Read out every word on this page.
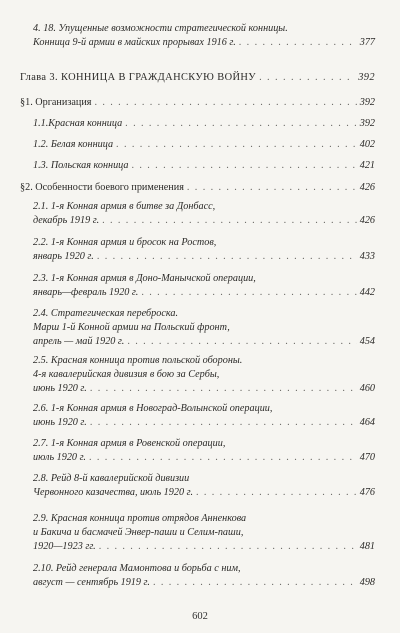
4. 18. Упущенные возможности стратегической конницы.
Конница 9-й армии в майских прорывах 1916 г. . . .	377
Глава 3. КОННИЦА В ГРАЖДАНСКУЮ ВОЙНУ . . .	392
§1. Организация . . .	392
1.1.Красная конница . . .	392
1.2. Белая конница . . .	402
1.3. Польская конница . . .	421
§2. Особенности боевого применения . . .	426
2.1. 1-я Конная армия в битве за Донбасс,
декабрь 1919 г. . . .	426
2.2. 1-я Конная армия и бросок на Ростов,
январь 1920 г. . . .	433
2.3. 1-я Конная армия в Доно-Манычской операции,
январь—февраль 1920 г. . . .	442
2.4. Стратегическая переброска.
Марш 1-й Конной армии на Польский фронт,
апрель — май 1920 г. . . .	454
2.5. Красная конница против польской обороны.
4-я кавалерийская дивизия в бою за Сербы,
июнь 1920 г. . . .	460
2.6. 1-я Конная армия в Новоград-Волынской операции,
июнь 1920 г. . . .	464
2.7. 1-я Конная армия в Ровенской операции,
июль 1920 г. . . .	470
2.8. Рейд 8-й кавалерийской дивизии
Червонного казачества, июль 1920 г. . . .	476
2.9. Красная конница против отрядов Анненкова
и Бакича и басмачей Энвер-паши и Селим-паши,
1920—1923 гг. . . .	481
2.10. Рейд генерала Мамонтова и борьба с ним,
август — сентябрь 1919 г. . . .	498
602
